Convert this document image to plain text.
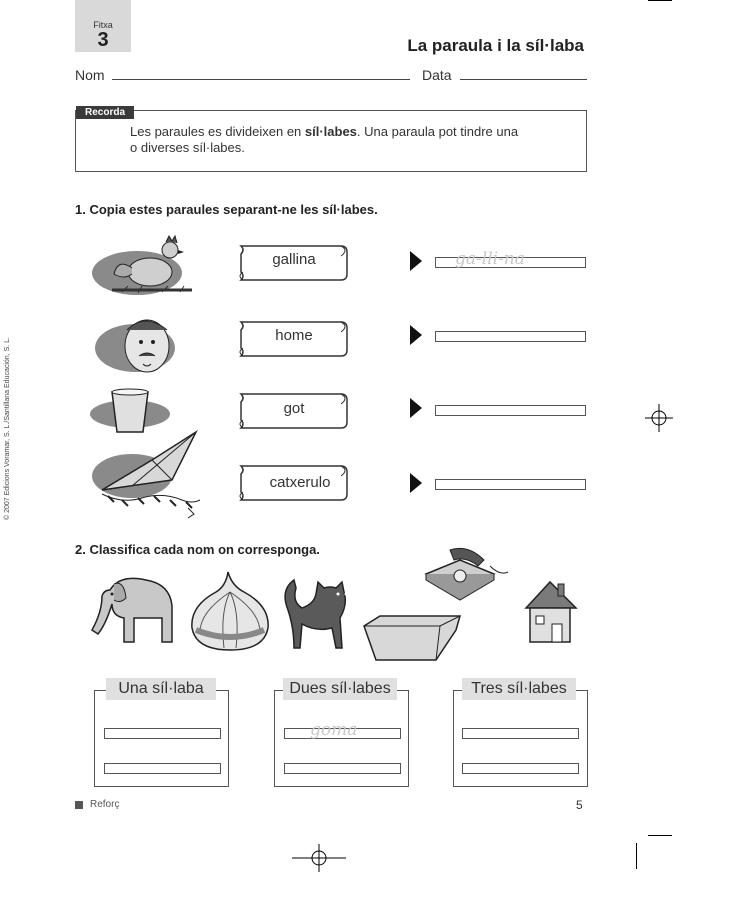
© 2007 Edicions Voramar, S. L./Santillana Educación, S. L.
Fitxa
3	La paraula i la síl·laba
Nom	Data
Recorda
Les paraules es divideixen en síl·labes. Una paraula pot tindre una
o diverses síl·labes.
1. Copia estes paraules separant-ne les síl·labes.
gallina	ga-lli-na
home
got
catxerulo
2. Classifica cada nom on corresponga.
Una síl·laba	Dues síl·labes
goma
Tres síl·labes
Reforç	5
